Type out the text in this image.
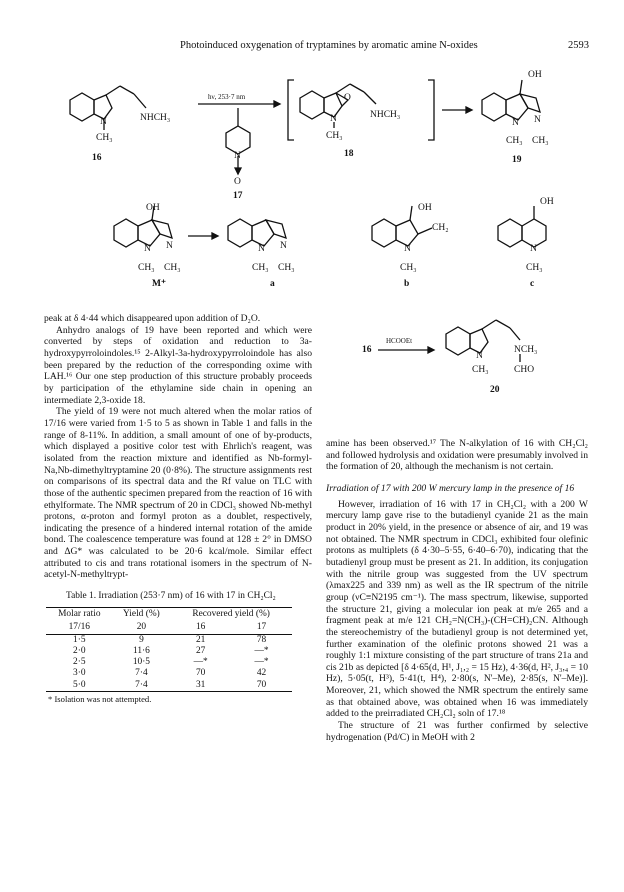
Photoinduced oxygenation of tryptamines by aromatic amine N-oxides	2593
N	NHCH₃
CH₃
16
hν, 253·7 nm
N
O
17
O
N	NHCH₃
CH₃
18
OH
N N
CH₃ CH₃
19
OH
N N
CH₃ CH₃
M⁺
N N
CH₃ CH₃
a
OH
CH₂
N
CH₃
b
OH
N
CH₃
c
16
HCOOEt
N
NCH₃
CHO
CH₃
20

peak at δ 4·44 which disappeared upon addition of D₂O.

Anhydro analogs of 19 have been reported and which were converted by steps of oxidation and reduction to 3a-hydroxypyrroloindoles.¹⁵ 2-Alkyl-3a-hydroxypyrroloindole has also been prepared by the reduction of the corresponding oxime with LAH.¹⁶ Our one step production of this structure probably proceeds by participation of the ethylamine side chain in opening an intermediate 2,3-oxide 18.

The yield of 19 were not much altered when the molar ratios of 17/16 were varied from 1·5 to 5 as shown in Table 1 and falls in the range of 8-11%. In addition, a small amount of one of by-products, which displayed a positive color test with Ehrlich's reagent, was isolated from the reaction mixture and identified as Nb-formyl-Na,Nb-dimethyltryptamine 20 (0·8%). The structure assignments rest on comparisons of its spectral data and the Rf value on TLC with those of the authentic specimen prepared from the reaction of 16 with ethylformate. The NMR spectrum of 20 in CDCl₃ showed Nb-methyl protons, α-proton and formyl proton as a doublet, respectively, indicating the presence of a hindered internal rotation of the amide bond. The coalescence temperature was found at 128 ± 2° in DMSO and ΔG* was calculated to be 20·6 kcal/mole. Similar effect attributed to cis and trans rotational isomers in the spectrum of N-acetyl-N-methyltrypt-

Table 1. Irradiation (253·7 nm) of 16 with 17 in CH₂Cl₂

Molar ratio	Yield (%)	Recovered yield (%)	
17/16	20	16	17
1·5	9	21	78
2·0	11·6	27	—*
2·5	10·5	—*	—*
3·0	7·4	70	42
5·0	7·4	31	70

* Isolation was not attempted.

amine has been observed.¹⁷ The N-alkylation of 16 with CH₂Cl₂ and followed hydrolysis and oxidation were presumably involved in the formation of 20, although the mechanism is not certain.

Irradiation of 17 with 200 W mercury lamp in the presence of 16

However, irradiation of 16 with 17 in CH₂Cl₂ with a 200 W mercury lamp gave rise to the butadienyl cyanide 21 as the main product in 20% yield, in the presence or absence of air, and 19 was not obtained. The NMR spectrum in CDCl₃ exhibited four olefinic protons as multiplets (δ 4·30–5·55, 6·40–6·70), indicating that the butadienyl group must be present as 21. In addition, its conjugation with the nitrile group was suggested from the UV spectrum (λmax225 and 339 nm) as well as the IR spectrum of the nitrile group (νC≡N2195 cm⁻¹). The mass spectrum, likewise, supported the structure 21, giving a molecular ion peak at m/e 265 and a fragment peak at m/e 121 CH₂=N(CH₃)-(CH=CH)₂CN. Although the stereochemistry of the butadienyl group is not determined yet, further examination of the olefinic protons showed 21 was a roughly 1:1 mixture consisting of the part structure of trans 21a and cis 21b as depicted [δ 4·65(d, H¹, J₁,₂ = 15 Hz), 4·36(d, H², J₃,₄ = 10 Hz), 5·05(t, H³), 5·41(t, H⁴), 2·80(s, N'–Me), 2·85(s, N'–Me)]. Moreover, 21, which showed the NMR spectrum the entirely same as that obtained above, was obtained when 16 was immediately added to the preirradiated CH₂Cl₂ soln of 17.¹⁸

The structure of 21 was further confirmed by selective hydrogenation (Pd/C) in MeOH with 2
